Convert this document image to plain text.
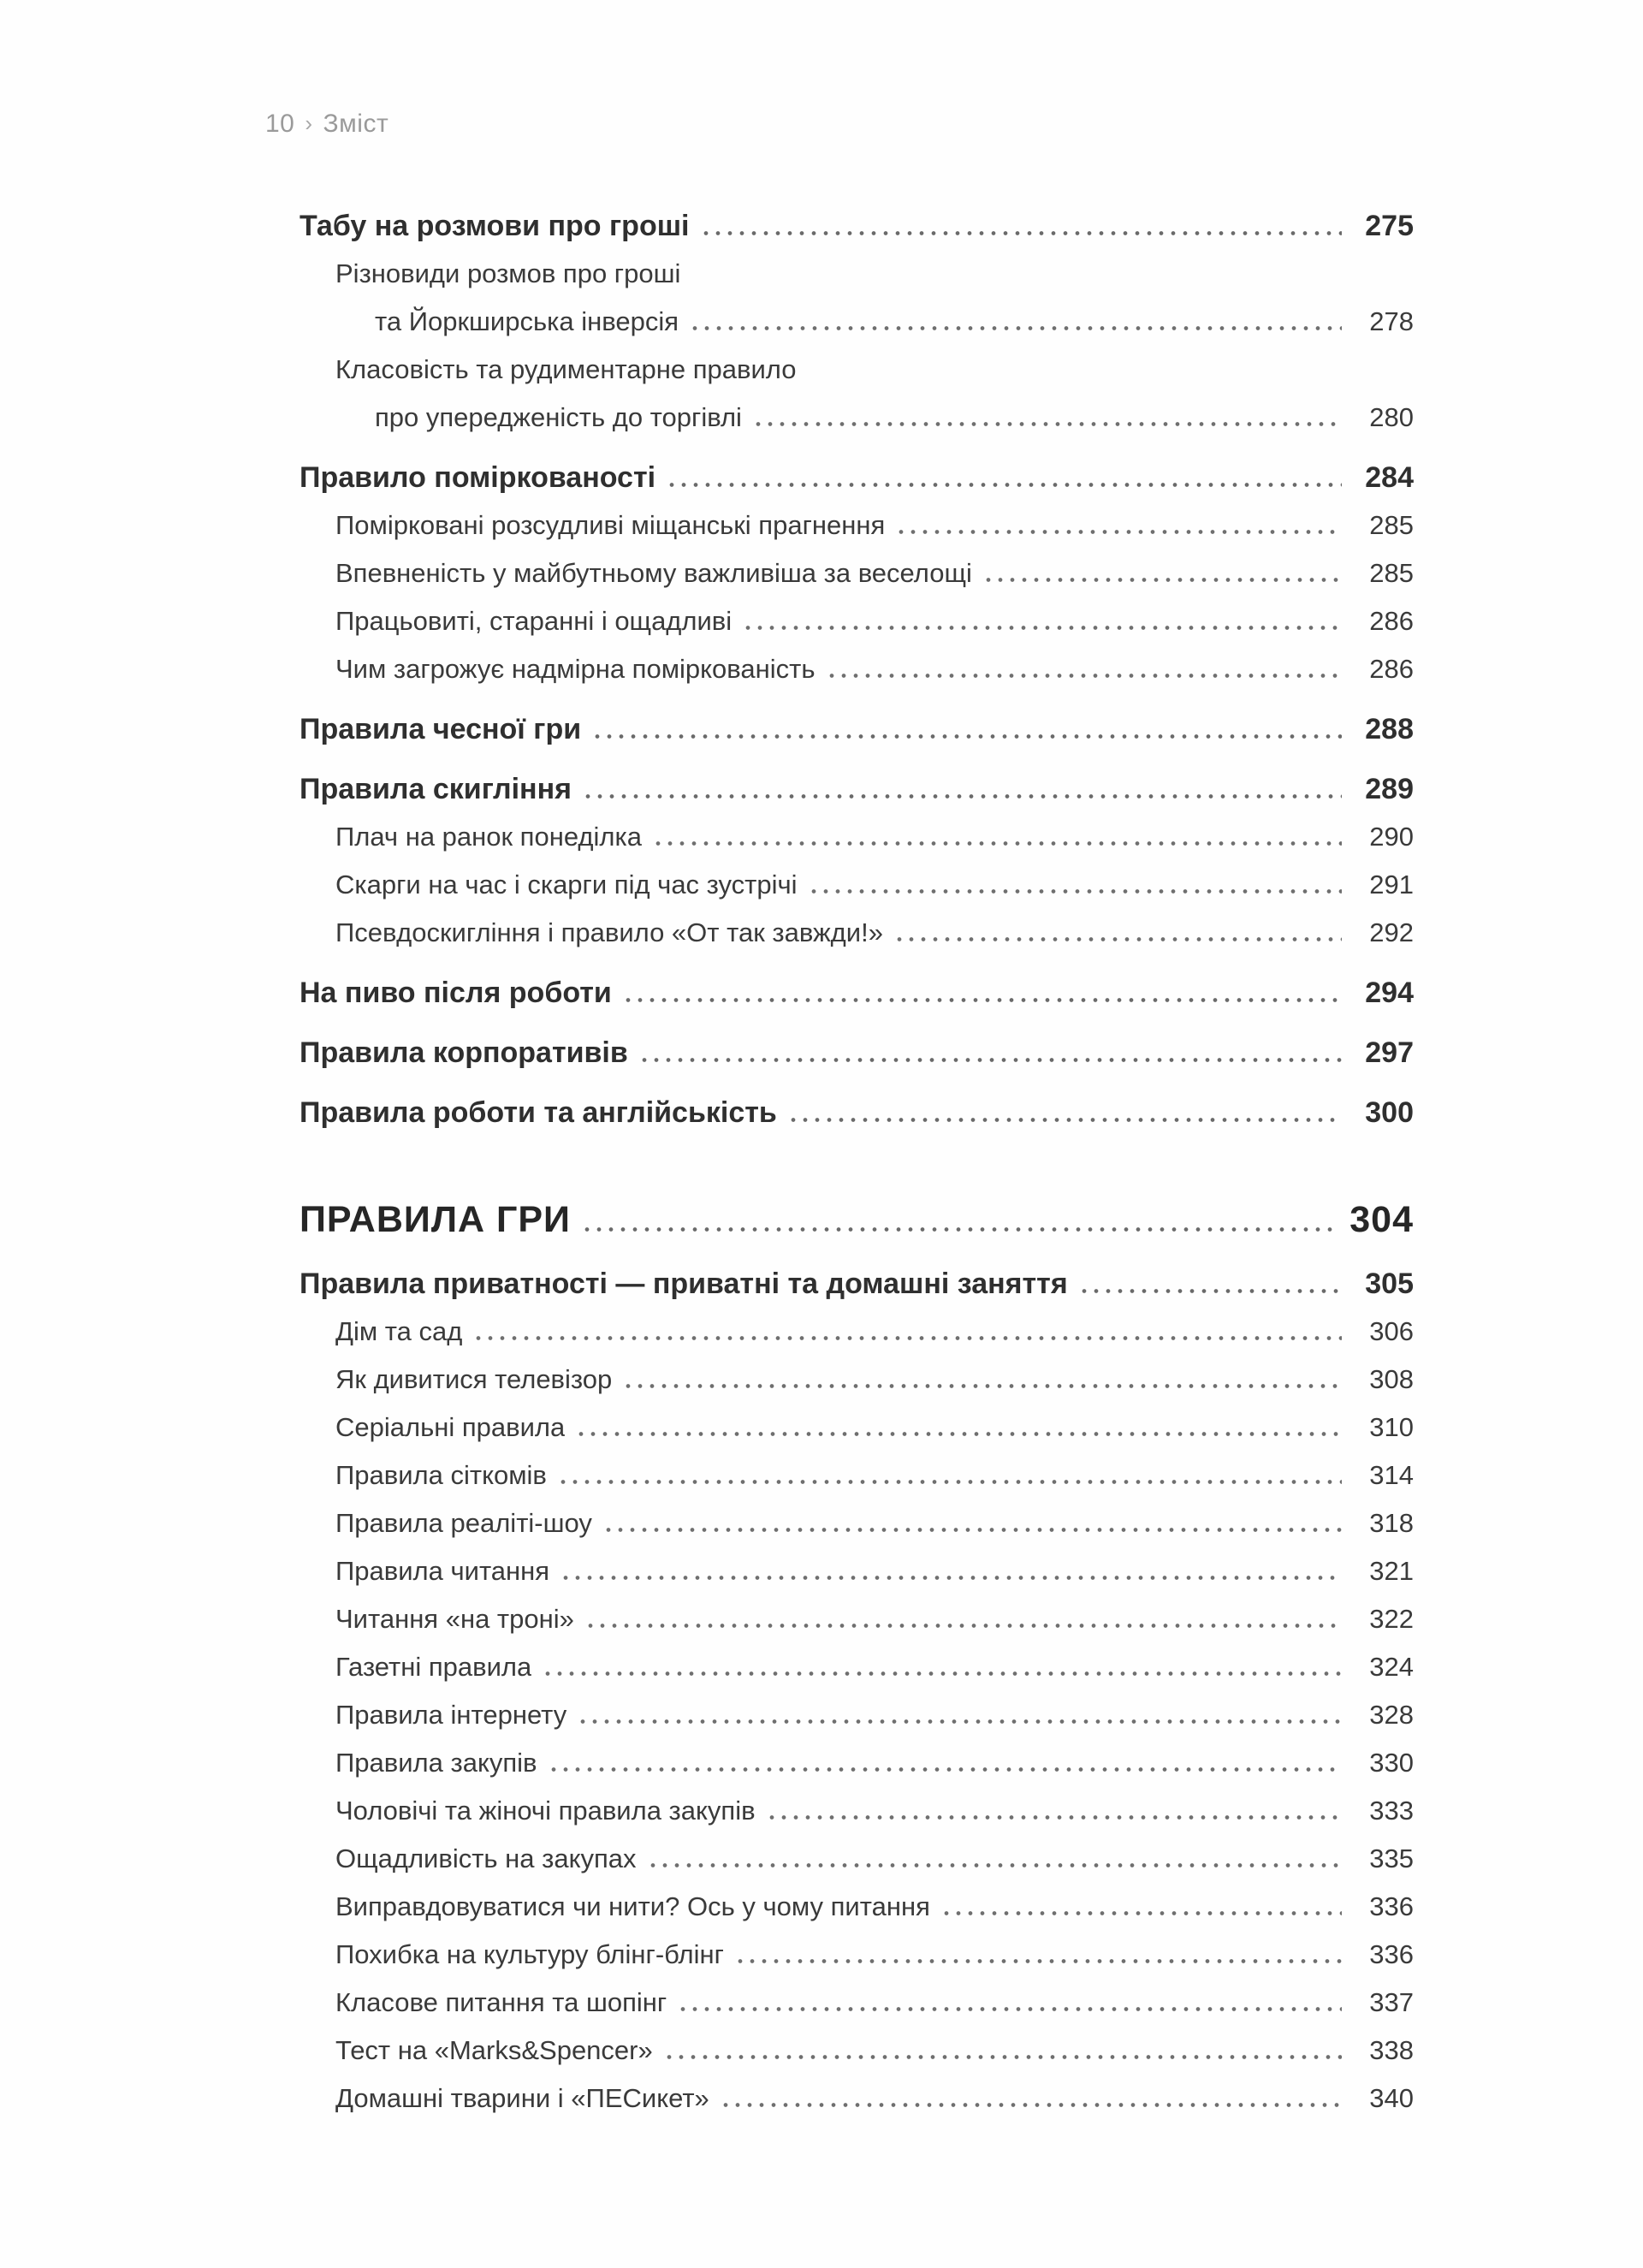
10 › Зміст
Табу на розмови про гроші	275
Різновиди розмов про гроші
та Йоркширська інверсія	278
Класовість та рудиментарне правило
про упередженість до торгівлі	280
Правило поміркованості	284
Помірковані розсудливі міщанські прагнення	285
Впевненість у майбутньому важливіша за веселощі	285
Працьовиті, старанні і ощадливі	286
Чим загрожує надмірна поміркованість	286
Правила чесної гри	288
Правила скигління	289
Плач на ранок понеділка	290
Скарги на час і скарги під час зустрічі	291
Псевдоскигління і правило «От так завжди!»	292
На пиво після роботи	294
Правила корпоративів	297
Правила роботи та англійськість	300
ПРАВИЛА ГРИ	304
Правила приватності — приватні та домашні заняття	305
Дім та сад	306
Як дивитися телевізор	308
Серіальні правила	310
Правила сіткомів	314
Правила реаліті-шоу	318
Правила читання	321
Читання «на троні»	322
Газетні правила	324
Правила інтернету	328
Правила закупів	330
Чоловічі та жіночі правила закупів	333
Ощадливість на закупах	335
Виправдовуватися чи нити? Ось у чому питання	336
Похибка на культуру блінг-блінг	336
Класове питання та шопінг	337
Тест на «Marks&Spencer»	338
Домашні тварини і «ПЕСикет»	340
